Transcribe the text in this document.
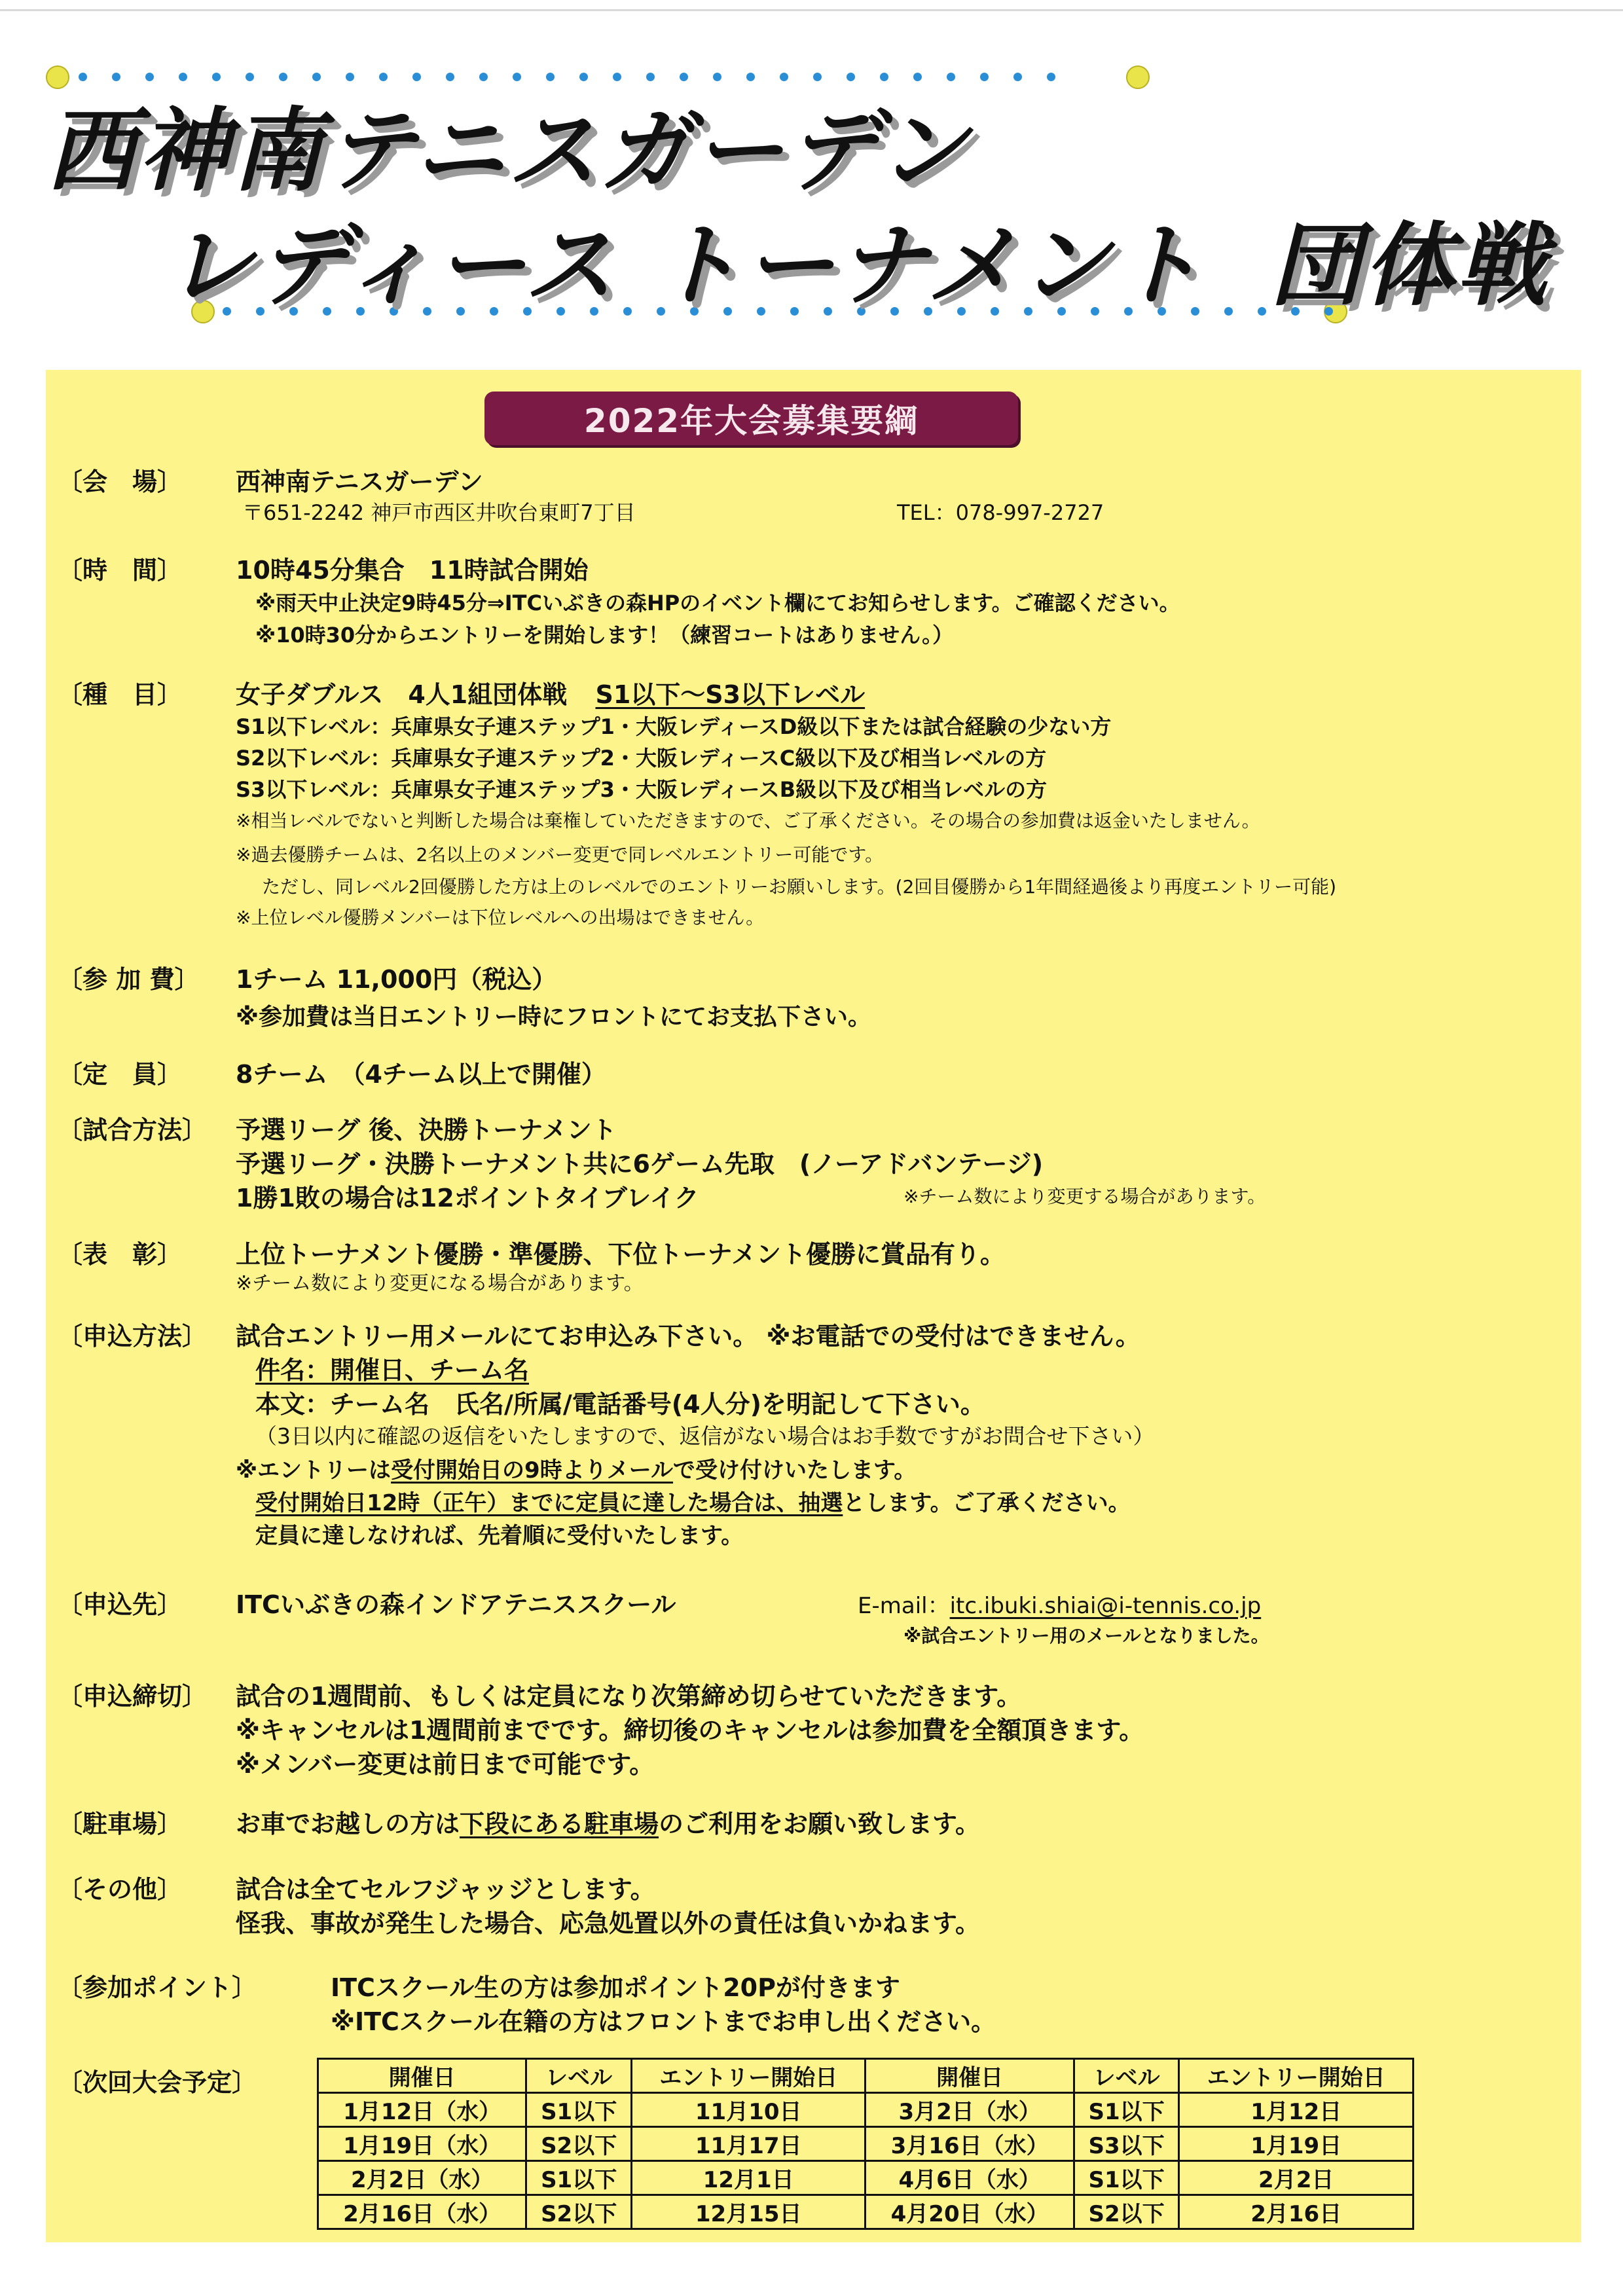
西神南テニスガーデン
レディース トーナメント 団体戦
2022年大会募集要綱
〔会　場〕 西神南テニスガーデン
〒651-2242 神戸市西区井吹台東町7丁目	TEL：078-997-2727
〔時　間〕 10時45分集合　11時試合開始
※雨天中止決定9時45分⇒ITCいぶきの森HPのイベント欄にてお知らせします。ご確認ください。
※10時30分からエントリーを開始します！（練習コートはありません。）
〔種　目〕 女子ダブルス　4人1組団体戦 S1以下～S3以下レベル
S1以下レベル：兵庫県女子連ステップ1・大阪レディースD級以下または試合経験の少ない方
S2以下レベル：兵庫県女子連ステップ2・大阪レディースC級以下及び相当レベルの方
S3以下レベル：兵庫県女子連ステップ3・大阪レディースB級以下及び相当レベルの方
※相当レベルでないと判断した場合は棄権していただきますので、ご了承ください。その場合の参加費は返金いたしません。
※過去優勝チームは、2名以上のメンバー変更で同レベルエントリー可能です。
ただし、同レベル2回優勝した方は上のレベルでのエントリーお願いします。(2回目優勝から1年間経過後より再度エントリー可能)
※上位レベル優勝メンバーは下位レベルへの出場はできません。
〔参 加 費〕 1チーム 11,000円（税込）
※参加費は当日エントリー時にフロントにてお支払下さい。
〔定　員〕 8チーム　（4チーム以上で開催）
〔試合方法〕 予選リーグ 後、決勝トーナメント
予選リーグ・決勝トーナメント共に6ゲーム先取　(ノーアドバンテージ)
1勝1敗の場合は12ポイントタイブレイク	※チーム数により変更する場合があります。
〔表　彰〕 上位トーナメント優勝・準優勝、下位トーナメント優勝に賞品有り。
※チーム数により変更になる場合があります。
〔申込方法〕 試合エントリー用メールにてお申込み下さい。 ※お電話での受付はできません。
件名：開催日、チーム名
本文：チーム名　氏名/所属/電話番号(4人分)を明記して下さい。
（3日以内に確認の返信をいたしますので、返信がない場合はお手数ですがお問合せ下さい）
※エントリーは受付開始日の9時よりメールで受け付けいたします。
受付開始日12時（正午）までに定員に達した場合は、抽選とします。ご了承ください。
定員に達しなければ、先着順に受付いたします。
〔申込先〕 ITCいぶきの森インドアテニススクール	E-mail：itc.ibuki.shiai@i-tennis.co.jp
※試合エントリー用のメールとなりました。
〔申込締切〕 試合の1週間前、もしくは定員になり次第締め切らせていただきます。
※キャンセルは1週間前までです。締切後のキャンセルは参加費を全額頂きます。
※メンバー変更は前日まで可能です。
〔駐車場〕 お車でお越しの方は下段にある駐車場のご利用をお願い致します。
〔その他〕 試合は全てセルフジャッジとします。
怪我、事故が発生した場合、応急処置以外の責任は負いかねます。
〔参加ポイント〕	ITCスクール生の方は参加ポイント20Pが付きます
※ITCスクール在籍の方はフロントまでお申し出ください。
〔次回大会予定〕	開催日	レベル	エントリー開始日	開催日	レベル	エントリー開始日
1月12日（水）	S1以下	11月10日	3月2日（水）	S1以下	1月12日
1月19日（水）	S2以下	11月17日	3月16日（水）	S3以下	1月19日
2月2日（水）	S1以下	12月1日	4月6日（水）	S1以下	2月2日
2月16日（水）	S2以下	12月15日	4月20日（水）	S2以下	2月16日
